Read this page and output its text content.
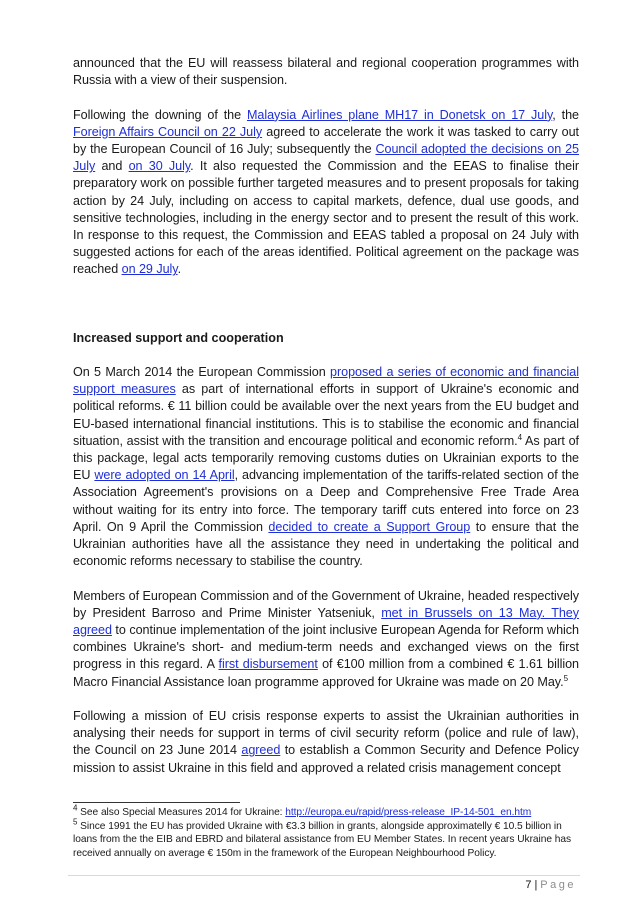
announced that the EU will reassess bilateral and regional cooperation programmes with Russia with a view of their suspension.

Following the downing of the Malaysia Airlines plane MH17 in Donetsk on 17 July, the Foreign Affairs Council on 22 July agreed to accelerate the work it was tasked to carry out by the European Council of 16 July; subsequently the Council adopted the decisions on 25 July and on 30 July. It also requested the Commission and the EEAS to finalise their preparatory work on possible further targeted measures and to present proposals for taking action by 24 July, including on access to capital markets, defence, dual use goods, and sensitive technologies, including in the energy sector and to present the result of this work. In response to this request, the Commission and EEAS tabled a proposal on 24 July with suggested actions for each of the areas identified. Political agreement on the package was reached on 29 July.

Increased support and cooperation

On 5 March 2014 the European Commission proposed a series of economic and financial support measures as part of international efforts in support of Ukraine's economic and political reforms. € 11 billion could be available over the next years from the EU budget and EU-based international financial institutions. This is to stabilise the economic and financial situation, assist with the transition and encourage political and economic reform.$^4$ As part of this package, legal acts temporarily removing customs duties on Ukrainian exports to the EU were adopted on 14 April, advancing implementation of the tariffs-related section of the Association Agreement's provisions on a Deep and Comprehensive Free Trade Area without waiting for its entry into force. The temporary tariff cuts entered into force on 23 April. On 9 April the Commission decided to create a Support Group to ensure that the Ukrainian authorities have all the assistance they need in undertaking the political and economic reforms necessary to stabilise the country.

Members of European Commission and of the Government of Ukraine, headed respectively by President Barroso and Prime Minister Yatseniuk, met in Brussels on 13 May. They agreed to continue implementation of the joint inclusive European Agenda for Reform which combines Ukraine's short- and medium-term needs and exchanged views on the first progress in this regard. A first disbursement of €100 million from a combined € 1.61 billion Macro Financial Assistance loan programme approved for Ukraine was made on 20 May.$^5$

Following a mission of EU crisis response experts to assist the Ukrainian authorities in analysing their needs for support in terms of civil security reform (police and rule of law), the Council on 23 June 2014 agreed to establish a Common Security and Defence Policy mission to assist Ukraine in this field and approved a related crisis management concept

$^4$ See also Special Measures 2014 for Ukraine: http://europa.eu/rapid/press-release_IP-14-501_en.htm

$^5$ Since 1991 the EU has provided Ukraine with €3.3 billion in grants, alongside approximatelly € 10.5 billion in loans from the the EIB and EBRD and bilateral assistance from EU Member States. In recent years Ukraine has received annually on average € 150m in the framework of the European Neighbourhood Policy.

7 | Page
